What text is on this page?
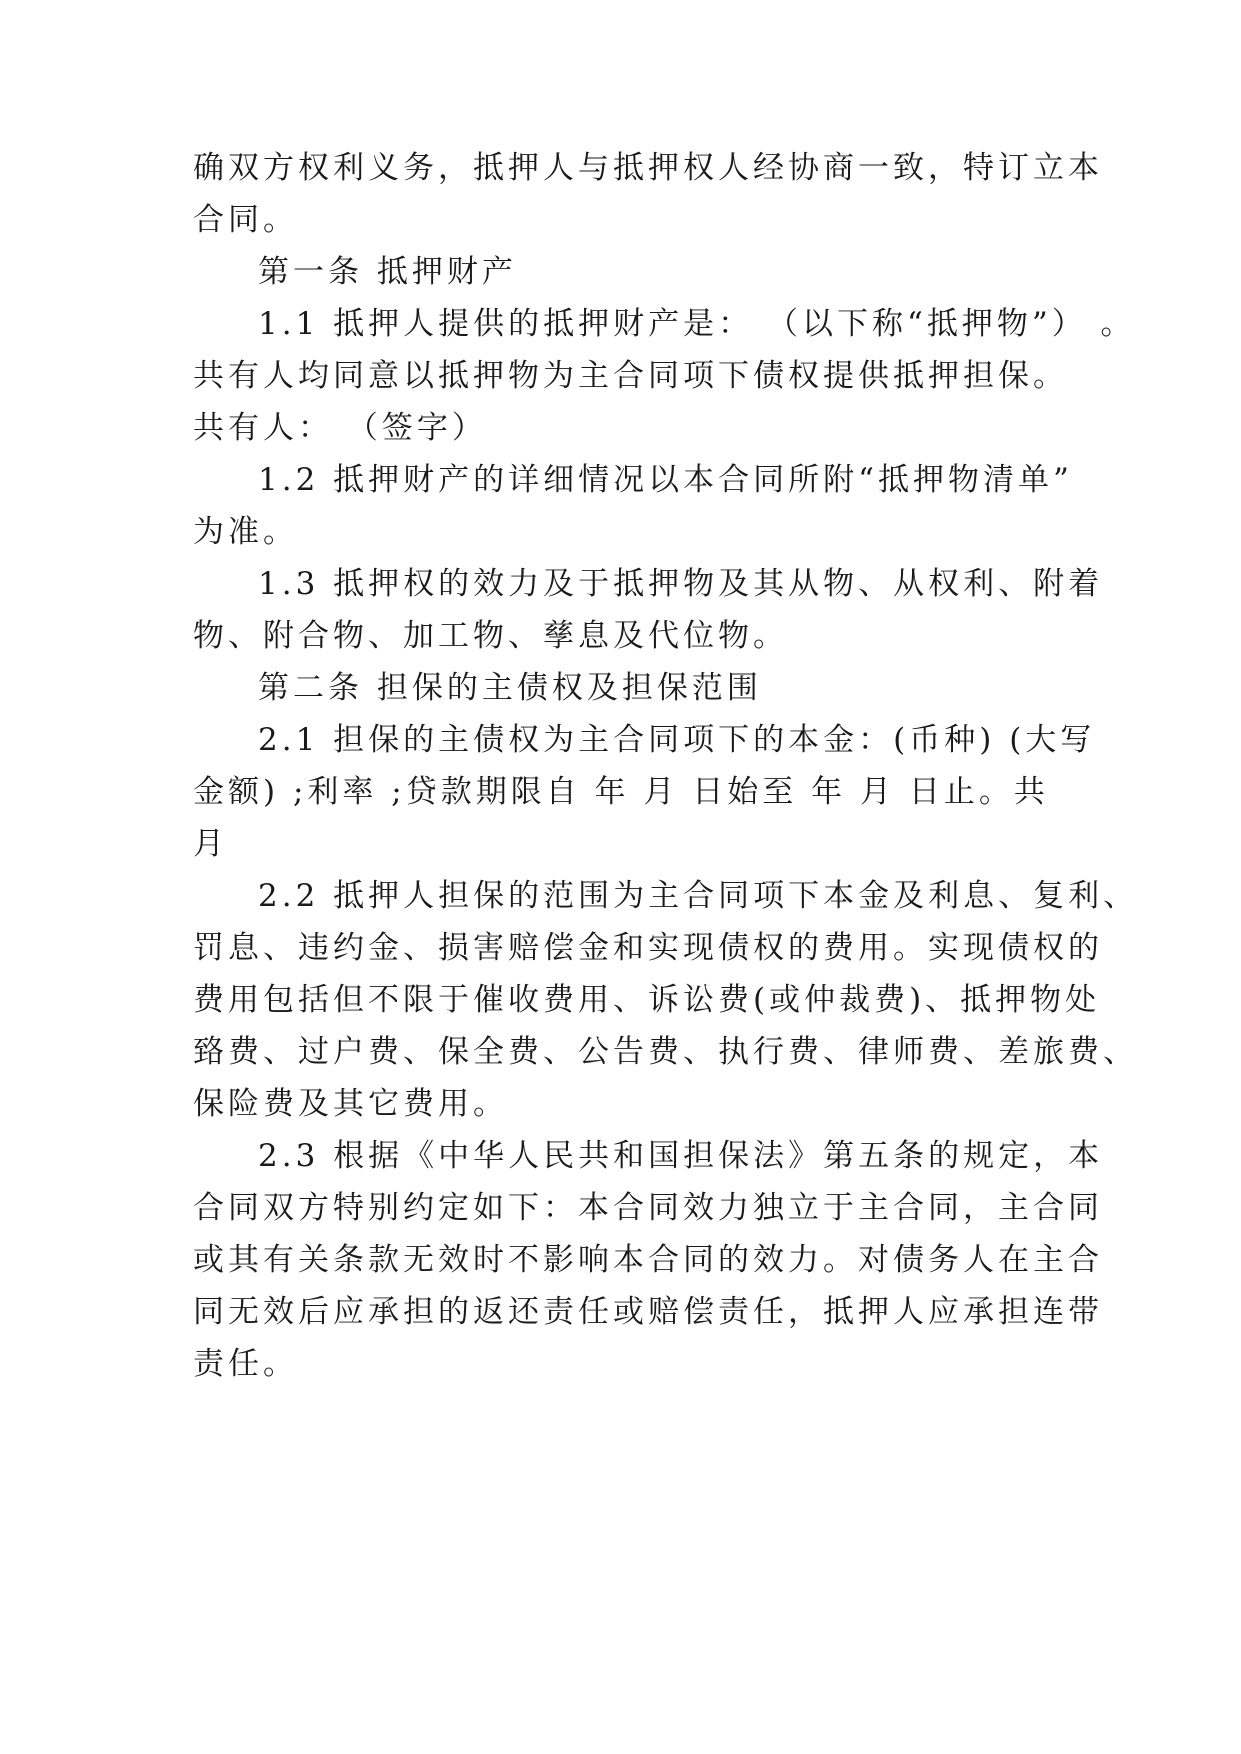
确双方权利义务，抵押人与抵押权人经协商一致，特订立本
合同。
第一条 抵押财产
1.1 抵押人提供的抵押财产是： （以下称“抵押物”） 。
共有人均同意以抵押物为主合同项下债权提供抵押担保。
共有人： （签字）
1.2 抵押财产的详细情况以本合同所附“抵押物清单”
为准。
1.3 抵押权的效力及于抵押物及其从物、从权利、附着
物、附合物、加工物、孳息及代位物。
第二条 担保的主债权及担保范围
2.1 担保的主债权为主合同项下的本金：(币种) (大写
金额) ;利率 ;贷款期限自 年 月 日始至 年 月 日止。共
月
2.2 抵押人担保的范围为主合同项下本金及利息、复利、
罚息、违约金、损害赔偿金和实现债权的费用。实现债权的
费用包括但不限于催收费用、诉讼费(或仲裁费)、抵押物处
臵费、过户费、保全费、公告费、执行费、律师费、差旅费、
保险费及其它费用。
2.3 根据《中华人民共和国担保法》第五条的规定，本
合同双方特别约定如下：本合同效力独立于主合同，主合同
或其有关条款无效时不影响本合同的效力。对债务人在主合
同无效后应承担的返还责任或赔偿责任，抵押人应承担连带
责任。
